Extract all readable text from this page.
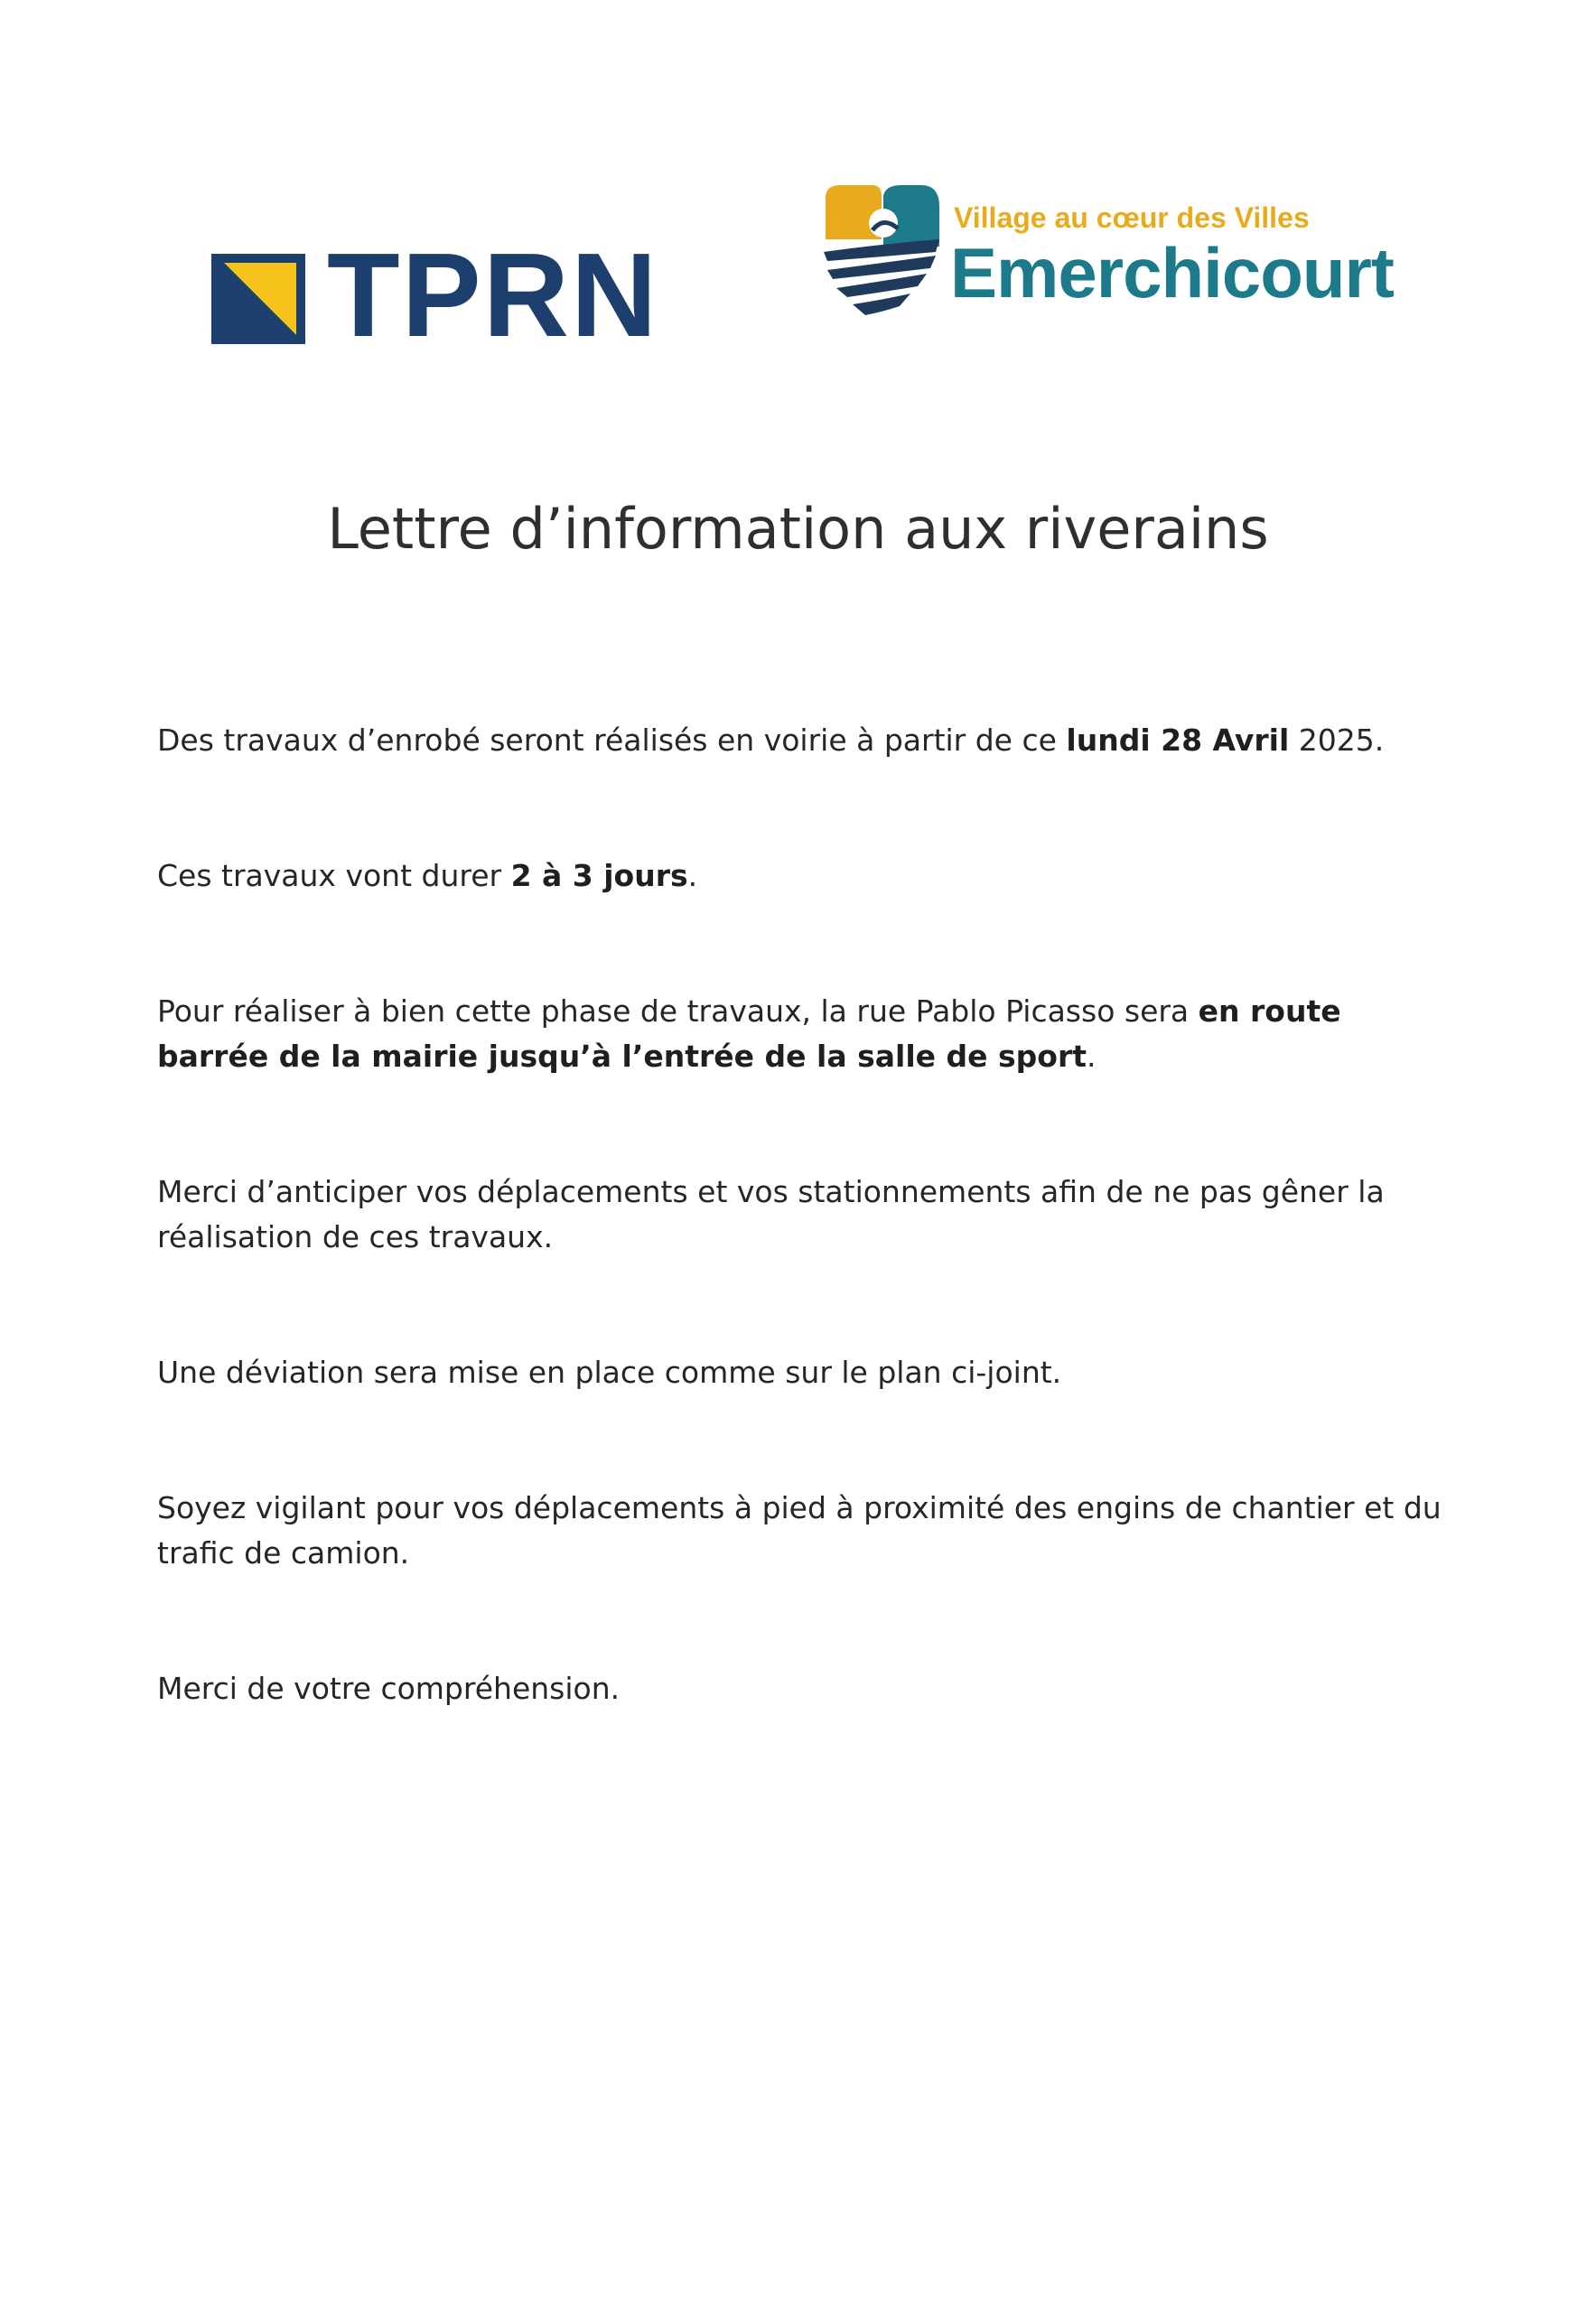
TPRN
Village au cœur des Villes
Emerchicourt
Lettre d’information aux riverains

Des travaux d’enrobé seront réalisés en voirie à partir de ce lundi 28 Avril 2025.

Ces travaux vont durer 2 à 3 jours.

Pour réaliser à bien cette phase de travaux, la rue Pablo Picasso sera en route barrée de la mairie jusqu’à l’entrée de la salle de sport.

Merci d’anticiper vos déplacements et vos stationnements afin de ne pas gêner la réalisation de ces travaux.

Une déviation sera mise en place comme sur le plan ci-joint.

Soyez vigilant pour vos déplacements à pied à proximité des engins de chantier et du trafic de camion.

Merci de votre compréhension.
